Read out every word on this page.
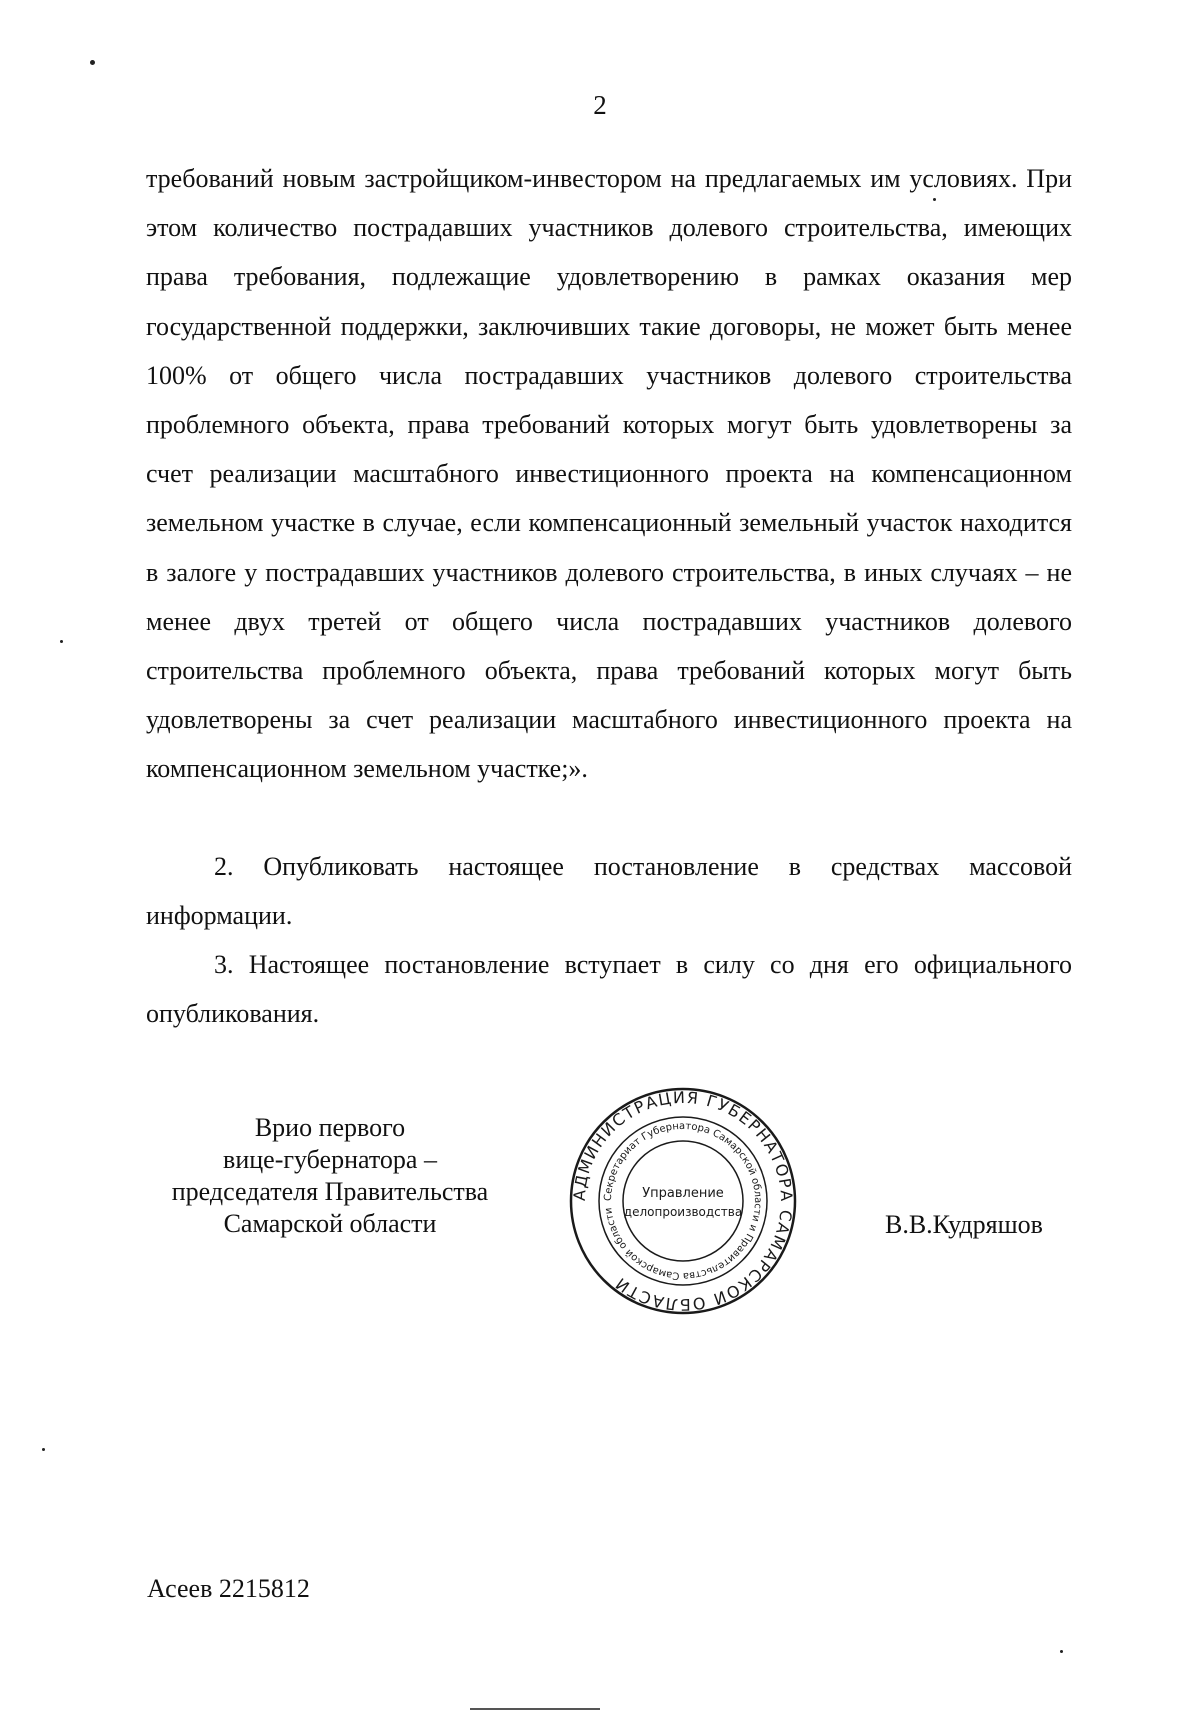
2

требований новым застройщиком-инвестором на предлагаемых им условиях. При этом количество пострадавших участников долевого строительства, имеющих права требования, подлежащие удовлетворению в рамках оказания мер государственной поддержки, заключивших такие договоры, не может быть менее 100% от общего числа пострадавших участников долевого строительства проблемного объекта, права требований которых могут быть удовлетворены за счет реализации масштабного инвестиционного проекта на компенсационном земельном участке в случае, если компенсационный земельный участок находится в залоге у пострадавших участников долевого строительства, в иных случаях – не менее двух третей от общего числа пострадавших участников долевого строительства проблемного объекта, права требований которых могут быть удовлетворены за счет реализации масштабного инвестиционного проекта на компенсационном земельном участке;».

2. Опубликовать настоящее постановление в средствах массовой информации.

3. Настоящее постановление вступает в силу со дня его официального опубликования.

Врио первого
вице-губернатора –
председателя Правительства
Самарской области
АДМИНИСТРАЦИЯ ГУБЕРНАТОРА САМАРСКОЙ ОБЛАСТИ
Секретариат Губернатора Самарской области и Правительства Самарской области
Управление
делопроизводства	В.В.Кудряшов
Асеев 2215812
